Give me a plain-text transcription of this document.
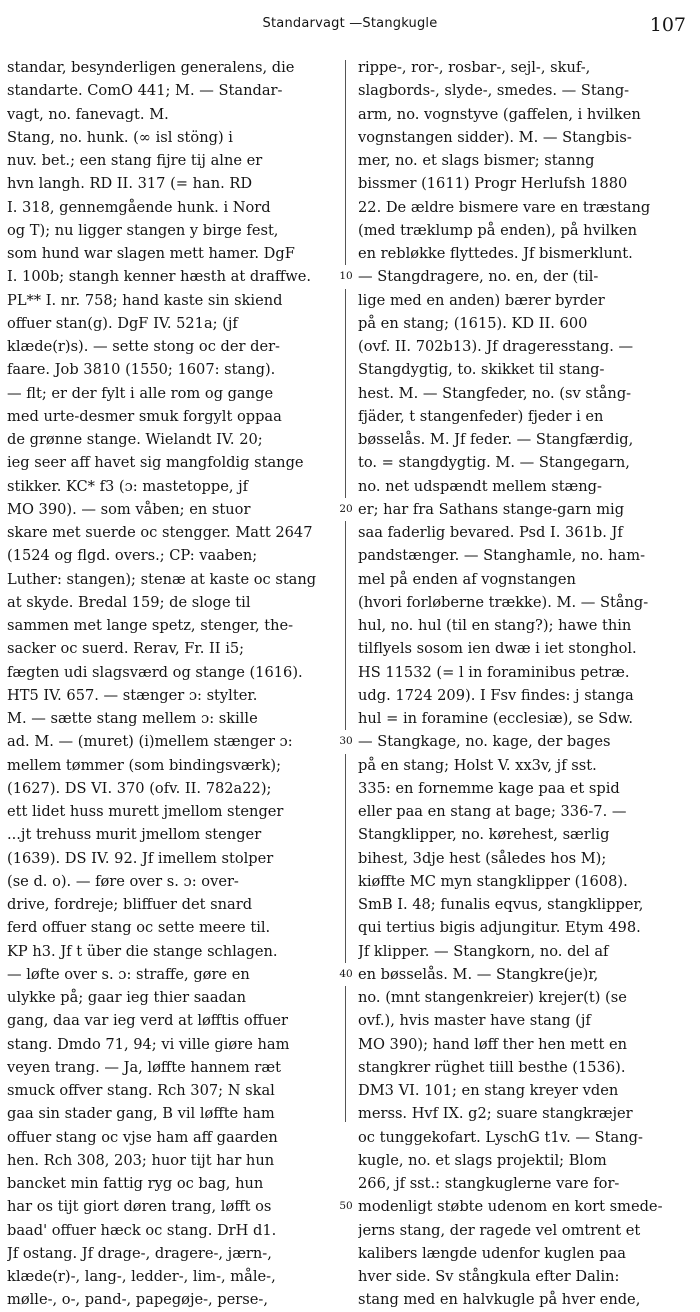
Standarvagt —Stangkugle	107
standar, besynderligen generalens, die
standarte. ComO 441; M. — Standar-
vagt, no. fanevagt. M.
Stang, no. hunk. (∞ isl stöng) i
nuv. bet.; een stang fijre tij alne er
hvn langh. RD II. 317 (= han. RD
I. 318, gennemgående hunk. i Nord
og T); nu ligger stangen y birge fest,
som hund war slagen mett hamer. DgF
I. 100b; stangh kenner hæsth at draffwe.
PL** I. nr. 758; hand kaste sin skiend
offuer stan(g). DgF IV. 521a; (jf
klæde(r)s). — sette stong oc der der-
faare. Job 3810 (1550; 1607: stang).
— flt; er der fylt i alle rom og gange
med urte-desmer smuk forgylt oppaa
de grønne stange. Wielandt IV. 20;
ieg seer aff havet sig mangfoldig stange
stikker. KC* f3 (ɔ: mastetoppe, jf
MO 390). — som våben; en stuor
skare met suerde oc stengger. Matt 2647
(1524 og flgd. overs.; CP: vaaben;
Luther: stangen); stenæ at kaste oc stang
at skyde. Bredal 159; de sloge til
sammen met lange spetz, stenger, the-
sacker oc suerd. Rerav, Fr. II i5;
fægten udi slagsværd og stange (1616).
HT5 IV. 657. — stænger ɔ: stylter.
M. — sætte stang mellem ɔ: skille
ad. M. — (muret) (i)mellem stænger ɔ:
mellem tømmer (som bindingsværk);
(1627). DS VI. 370 (ofv. II. 782a22);
ett lidet huss murett jmellom stenger
...jt trehuss murit jmellom stenger
(1639). DS IV. 92. Jf imellem stolper
(se d. o). — føre over s. ɔ: over-
drive, fordreje; bliffuer det snard
ferd offuer stang oc sette meere til.
KP h3. Jf t über die stange schlagen.
— løfte over s. ɔ: straffe, gøre en
ulykke på; gaar ieg thier saadan
gang, daa var ieg verd at løfftis offuer
stang. Dmdo 71, 94; vi ville giøre ham
veyen trang. — Ja, løffte hannem ræt
smuck offver stang. Rch 307; N skal
gaa sin stader gang, B vil løffte ham
offuer stang oc vjse ham aff gaarden
hen. Rch 308, 203; huor tijt har hun
bancket min fattig ryg oc bag, hun
har os tijt giort døren trang, løfft os
baad' offuer hæck oc stang. DrH d1.
Jf ostang. Jf drage-, dragere-, jærn-,
klæde(r)-, lang-, ledder-, lim-, måle-,
mølle-, o-, pand-, papegøje-, perse-,
10
20
30
40
50
rippe-, ror-, rosbar-, sejl-, skuf-,
slagbords-, slyde-, smedes. — Stang-
arm, no. vognstyve (gaffelen, i hvilken
vognstangen sidder). M. — Stangbis-
mer, no. et slags bismer; stanng
bissmer (1611) Progr Herlufsh 1880
22. De ældre bismere vare en træstang
(med træklump på enden), på hvilken
en rebløkke flyttedes. Jf bismerklunt.
— Stangdragere, no. en, der (til-
lige med en anden) bærer byrder
på en stang; (1615). KD II. 600
(ovf. II. 702b13). Jf drageresstang. —
Stangdygtig, to. skikket til stang-
hest. M. — Stangfeder, no. (sv stång-
fjäder, t stangenfeder) fjeder i en
bøsselås. M. Jf feder. — Stangfærdig,
to. = stangdygtig. M. — Stangegarn,
no. net udspændt mellem stæng-
er; har fra Sathans stange-garn mig
saa faderlig bevared. Psd I. 361b. Jf
pandstænger. — Stanghamle, no. ham-
mel på enden af vognstangen
(hvori forløberne trække). M. — Stång-
hul, no. hul (til en stang?); hawe thin
tilflyels sosom ien dwæ i iet stonghol.
HS 11532 (= l in foraminibus petræ.
udg. 1724 209). I Fsv findes: j stanga
hul = in foramine (ecclesiæ), se Sdw.
— Stangkage, no. kage, der bages
på en stang; Holst V. xx3v, jf sst.
335: en fornemme kage paa et spid
eller paa en stang at bage; 336-7. —
Stangklipper, no. kørehest, særlig
bihest, 3dje hest (således hos M);
kiøffte MC myn stangklipper (1608).
SmB I. 48; funalis eqvus, stangklipper,
qui tertius bigis adjungitur. Etym 498.
Jf klipper. — Stangkorn, no. del af
en bøsselås. M. — Stangkre(je)r,
no. (mnt stangenkreier) krejer(t) (se
ovf.), hvis master have stang (jf
MO 390); hand løff ther hen mett en
stangkrer rüghet tiill besthe (1536).
DM3 VI. 101; en stang kreyer vden
merss. Hvf IX. g2; suare stangkræjer
oc tunggekofart. LyschG t1v. — Stang-
kugle, no. et slags projektil; Blom
266, jf sst.: stangkuglerne vare for-
modenligt støbte udenom en kort smede-
jerns stang, der ragede vel omtrent et
kalibers længde udenfor kuglen paa
hver side. Sv stångkula efter Dalin:
stang med en halvkugle på hver ende,
